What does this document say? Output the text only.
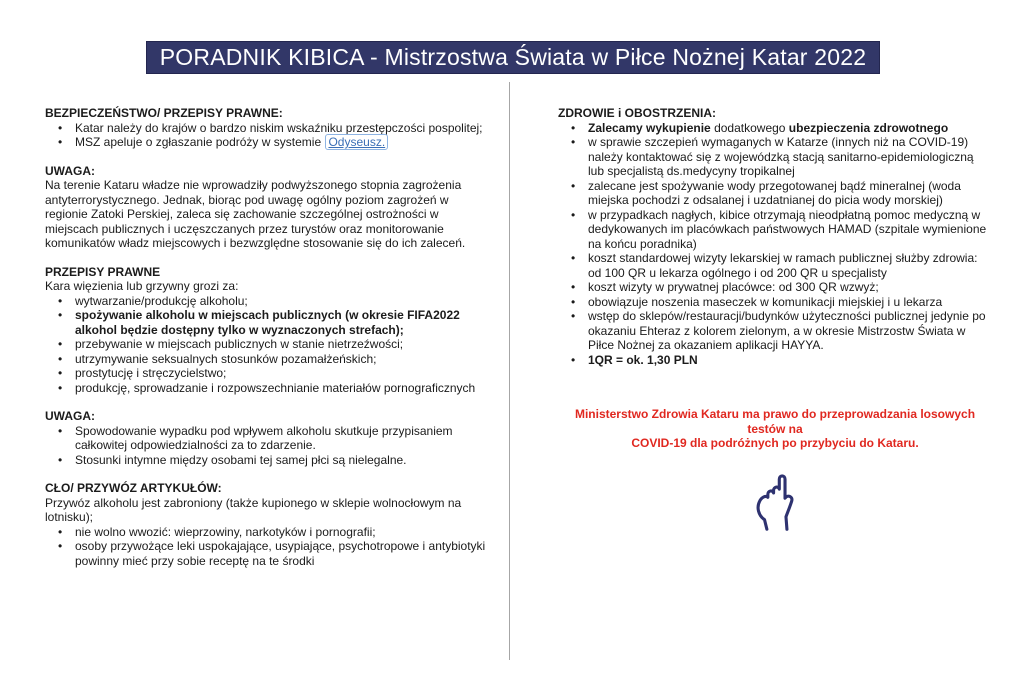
PORADNIK KIBICA - Mistrzostwa Świata w Piłce Nożnej Katar 2022
BEZPIECZEŃSTWO/ PRZEPISY PRAWNE:
•	Katar należy do krajów o bardzo niskim wskaźniku przestępczości pospolitej;
•	MSZ apeluje o zgłaszanie podróży w systemie Odyseusz.
UWAGA:
Na terenie Kataru władze nie wprowadziły podwyższonego stopnia zagrożenia antyterrorystycznego. Jednak, biorąc pod uwagę ogólny poziom zagrożeń w regionie Zatoki Perskiej, zaleca się zachowanie szczególnej ostrożności w miejscach publicznych i uczęszczanych przez turystów oraz monitorowanie komunikatów władz miejscowych i bezwzględne stosowanie się do ich zaleceń.
PRZEPISY PRAWNE
Kara więzienia lub grzywny grozi za:
•	wytwarzanie/produkcję alkoholu;
•	spożywanie alkoholu w miejscach publicznych (w okresie FIFA2022 alkohol będzie dostępny tylko w wyznaczonych strefach);
•	przebywanie w miejscach publicznych w stanie nietrzeźwości;
•	utrzymywanie seksualnych stosunków pozamałżeńskich;
•	prostytucję i stręczycielstwo;
•	produkcję, sprowadzanie i rozpowszechnianie materiałów pornograficznych
UWAGA:
•	Spowodowanie wypadku pod wpływem alkoholu skutkuje przypisaniem całkowitej odpowiedzialności za to zdarzenie.
•	Stosunki intymne między osobami tej samej płci są nielegalne.
CŁO/ PRZYWÓZ ARTYKUŁÓW:
Przywóz alkoholu jest zabroniony (także kupionego w sklepie wolnocłowym na lotnisku);
•	nie wolno wwozić: wieprzowiny, narkotyków i pornografii;
•	osoby przywożące leki uspokajające, usypiające, psychotropowe i antybiotyki powinny mieć przy sobie receptę na te środki
ZDROWIE i OBOSTRZENIA:
•	Zalecamy wykupienie dodatkowego ubezpieczenia zdrowotnego
•	w sprawie szczepień wymaganych w Katarze (innych niż na COVID-19) należy kontaktować się z wojewódzką stacją sanitarno-epidemiologiczną lub specjalistą ds.medycyny tropikalnej
•	zalecane jest spożywanie wody przegotowanej bądź mineralnej (woda miejska pochodzi z odsalanej i uzdatnianej do picia wody morskiej)
•	w przypadkach nagłych, kibice otrzymają nieodpłatną pomoc medyczną w dedykowanych im placówkach państwowych HAMAD (szpitale wymienione na końcu poradnika)
•	koszt standardowej wizyty lekarskiej w ramach publicznej służby zdrowia: od 100 QR u lekarza ogólnego i od 200 QR u specjalisty
•	koszt wizyty w prywatnej placówce: od 300 QR wzwyż;
•	obowiązuje noszenia maseczek w komunikacji miejskiej i u lekarza
•	wstęp do sklepów/restauracji/budynków użyteczności publicznej jedynie po okazaniu Ehteraz z kolorem zielonym, a w okresie Mistrzostw Świata w Piłce Nożnej za okazaniem aplikacji HAYYA.
•	1QR = ok. 1,30 PLN
Ministerstwo Zdrowia Kataru ma prawo do przeprowadzania losowych testów na
COVID-19 dla podróżnych po przybyciu do Kataru.
